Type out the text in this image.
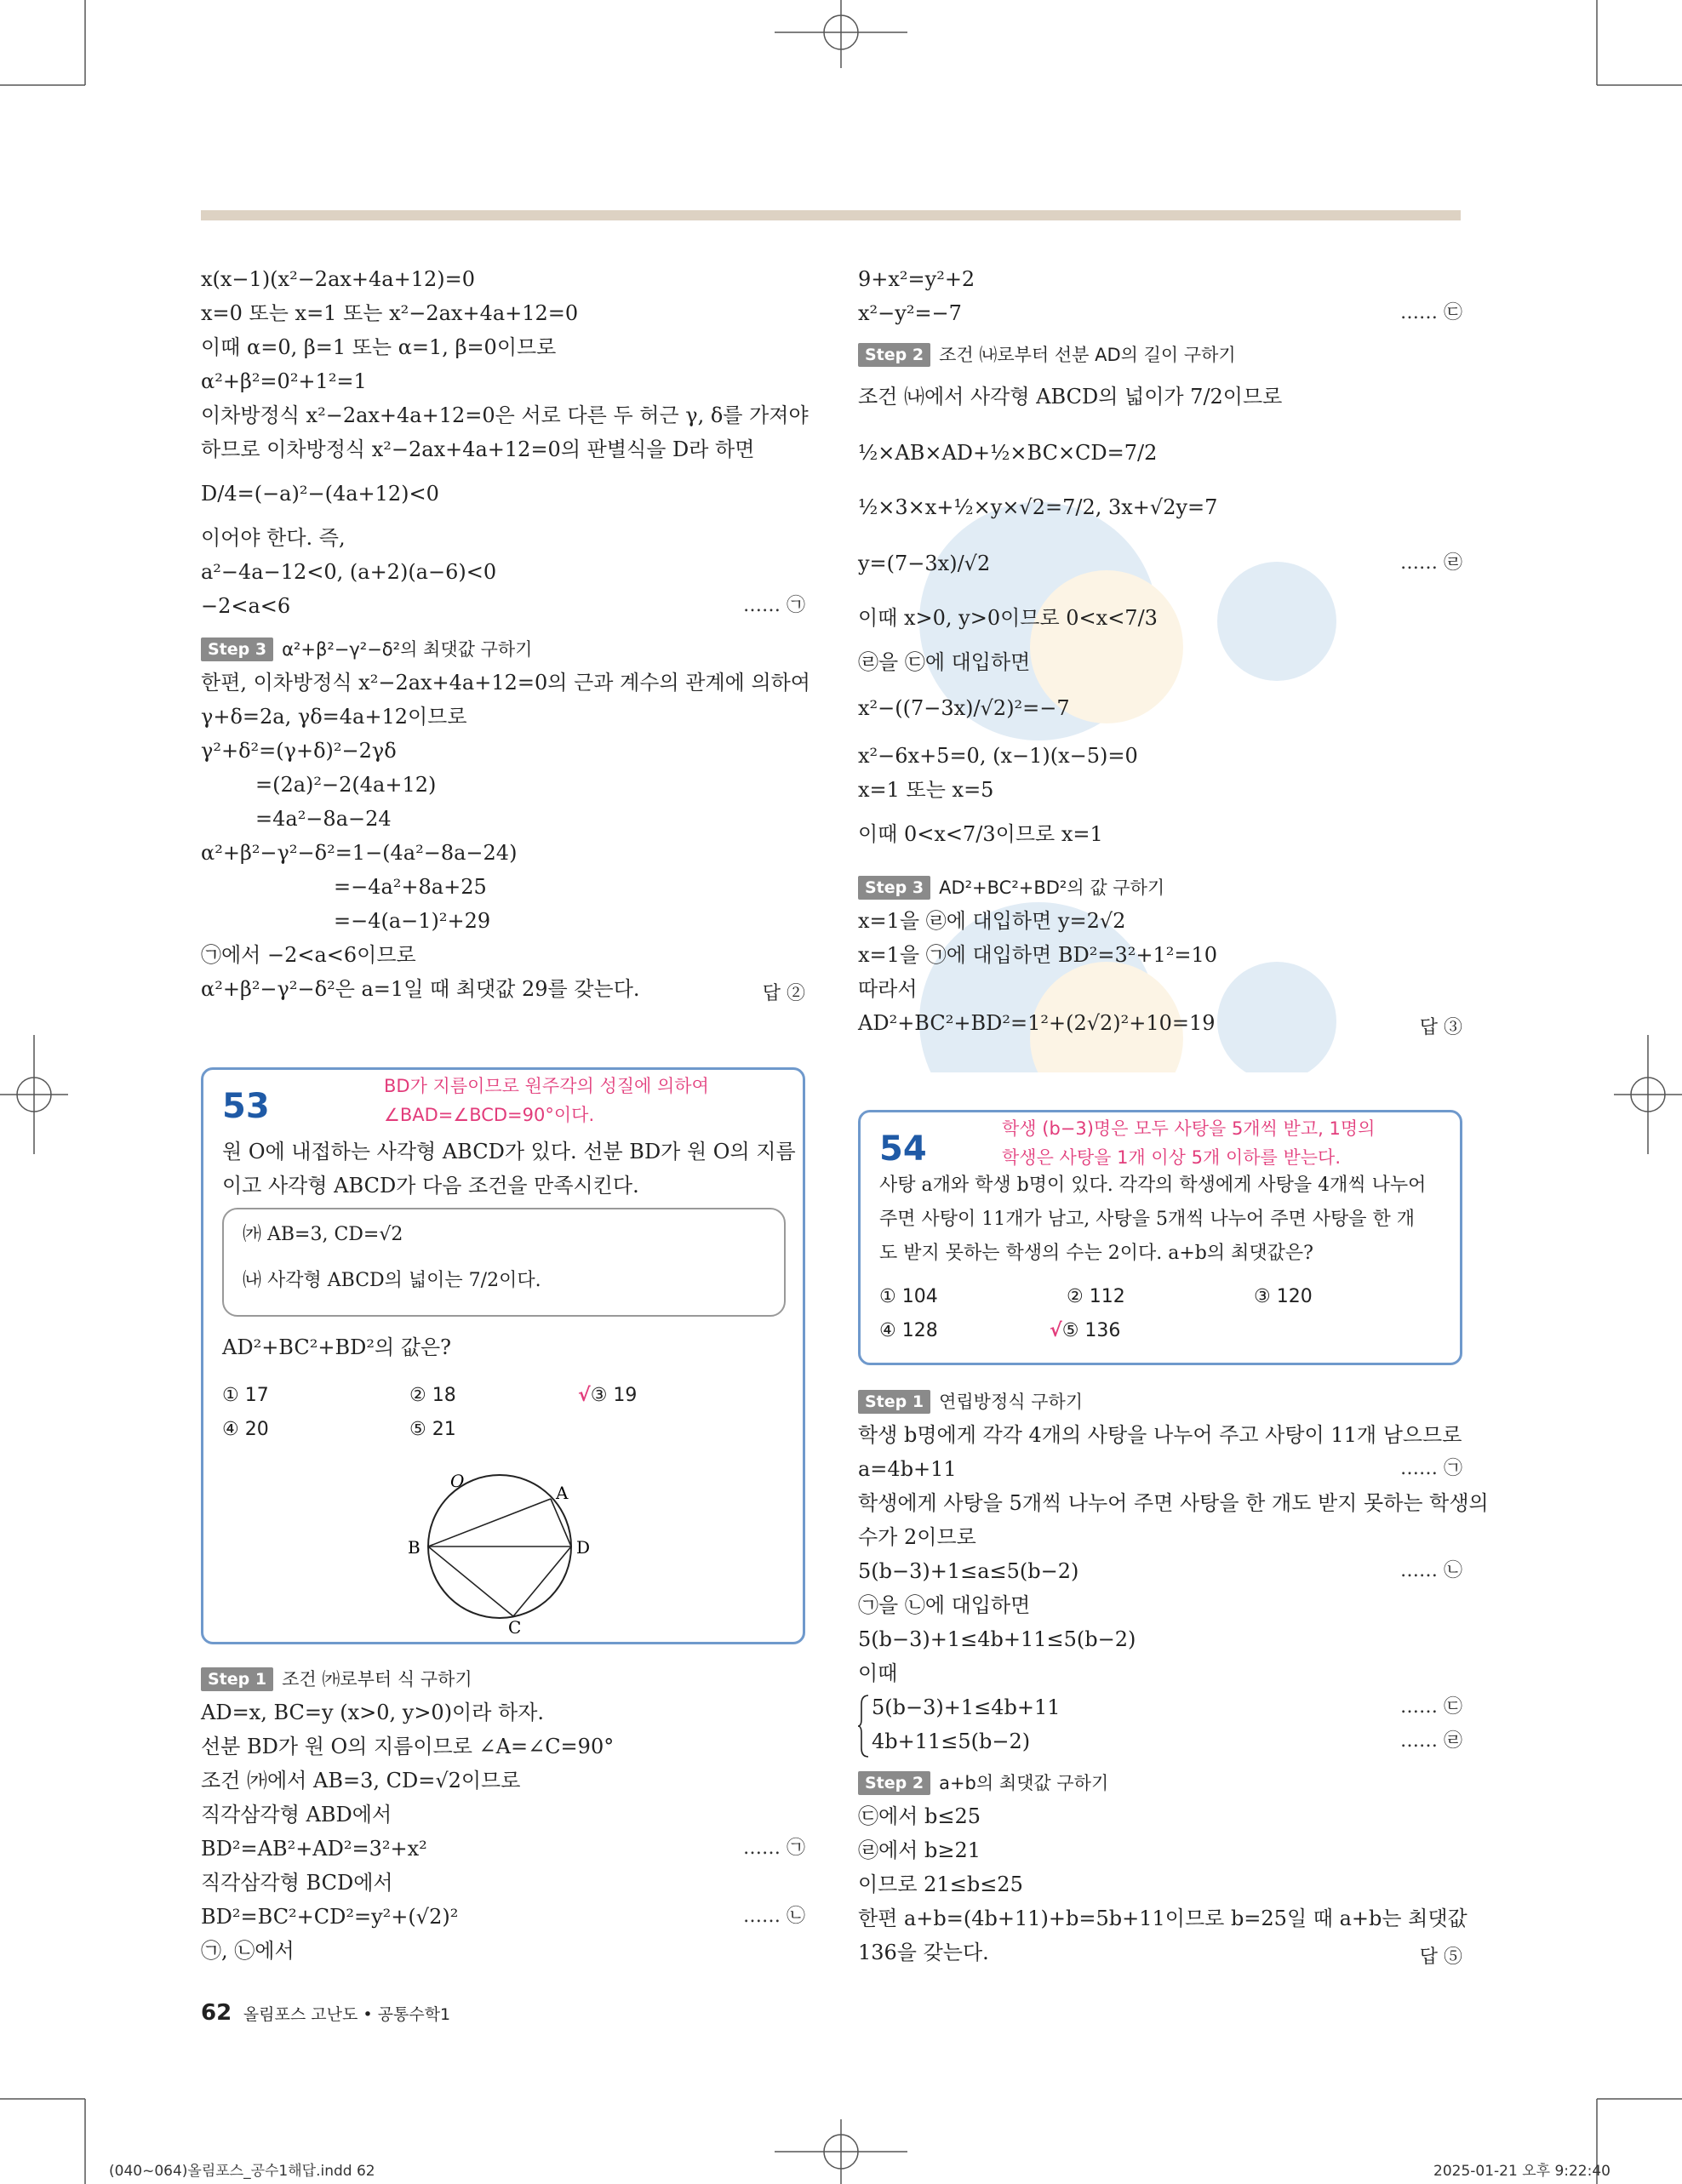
x(x−1)(x²−2ax+4a+12)=0
x=0 또는 x=1 또는 x²−2ax+4a+12=0
이때 α=0, β=1 또는 α=1, β=0이므로
α²+β²=0²+1²=1
이차방정식 x²−2ax+4a+12=0은 서로 다른 두 허근 γ, δ를 가져야
하므로 이차방정식 x²−2ax+4a+12=0의 판별식을 D라 하면
D/4=(−a)²−(4a+12)<0
이어야 한다. 즉,
a²−4a−12<0, (a+2)(a−6)<0
−2<a<6	…… ㉠
Step 3 α²+β²−γ²−δ²의 최댓값 구하기
한편, 이차방정식 x²−2ax+4a+12=0의 근과 계수의 관계에 의하여
γ+δ=2a, γδ=4a+12이므로
γ²+δ²=(γ+δ)²−2γδ
=(2a)²−2(4a+12)
=4a²−8a−24
α²+β²−γ²−δ²=1−(4a²−8a−24)
=−4a²+8a+25
=−4(a−1)²+29
㉠에서 −2<a<6이므로
α²+β²−γ²−δ²은 a=1일 때 최댓값 29를 갖는다.	답 ②
53
BD가 지름이므로 원주각의 성질에 의하여
∠BAD=∠BCD=90°이다.
원 O에 내접하는 사각형 ABCD가 있다. 선분 BD가 원 O의 지름
이고 사각형 ABCD가 다음 조건을 만족시킨다.
㈎ AB=3, CD=√2
㈏ 사각형 ABCD의 넓이는 7/2이다.
AD²+BC²+BD²의 값은?
① 17	② 18	√③ 19
④ 20	⑤ 21
O
A
B	D
C
Step 1 조건 ㈎로부터 식 구하기
AD=x, BC=y (x>0, y>0)이라 하자.
선분 BD가 원 O의 지름이므로 ∠A=∠C=90°
조건 ㈎에서 AB=3, CD=√2이므로
직각삼각형 ABD에서
BD²=AB²+AD²=3²+x²	…… ㉠
직각삼각형 BCD에서
BD²=BC²+CD²=y²+(√2)²	…… ㉡
㉠, ㉡에서
9+x²=y²+2
x²−y²=−7	…… ㉢
Step 2 조건 ㈏로부터 선분 AD의 길이 구하기
조건 ㈏에서 사각형 ABCD의 넓이가 7/2이므로
½×AB×AD+½×BC×CD=7/2
½×3×x+½×y×√2=7/2, 3x+√2y=7
y=(7−3x)/√2	…… ㉣
이때 x>0, y>0이므로 0<x<7/3
㉣을 ㉢에 대입하면
x²−((7−3x)/√2)²=−7
x²−6x+5=0, (x−1)(x−5)=0
x=1 또는 x=5
이때 0<x<7/3이므로 x=1
Step 3 AD²+BC²+BD²의 값 구하기
x=1을 ㉣에 대입하면 y=2√2
x=1을 ㉠에 대입하면 BD²=3²+1²=10
따라서
AD²+BC²+BD²=1²+(2√2)²+10=19	답 ③
54
학생 (b−3)명은 모두 사탕을 5개씩 받고, 1명의
학생은 사탕을 1개 이상 5개 이하를 받는다.
사탕 a개와 학생 b명이 있다. 각각의 학생에게 사탕을 4개씩 나누어
주면 사탕이 11개가 남고, 사탕을 5개씩 나누어 주면 사탕을 한 개
도 받지 못하는 학생의 수는 2이다. a+b의 최댓값은?
① 104	② 112	③ 120
④ 128	√⑤ 136
Step 1 연립방정식 구하기
학생 b명에게 각각 4개의 사탕을 나누어 주고 사탕이 11개 남으므로
a=4b+11	…… ㉠
학생에게 사탕을 5개씩 나누어 주면 사탕을 한 개도 받지 못하는 학생의
수가 2이므로
5(b−3)+1≤a≤5(b−2)	…… ㉡
㉠을 ㉡에 대입하면
5(b−3)+1≤4b+11≤5(b−2)
이때
5(b−3)+1≤4b+11	…… ㉢
4b+11≤5(b−2)	…… ㉣
Step 2 a+b의 최댓값 구하기
㉢에서 b≤25
㉣에서 b≥21
이므로 21≤b≤25
한편 a+b=(4b+11)+b=5b+11이므로 b=25일 때 a+b는 최댓값
136을 갖는다.	답 ⑤
62 올림포스 고난도 • 공통수학1
(040~064)올림포스_공수1해답.indd 62	2025-01-21 오후 9:22:40
